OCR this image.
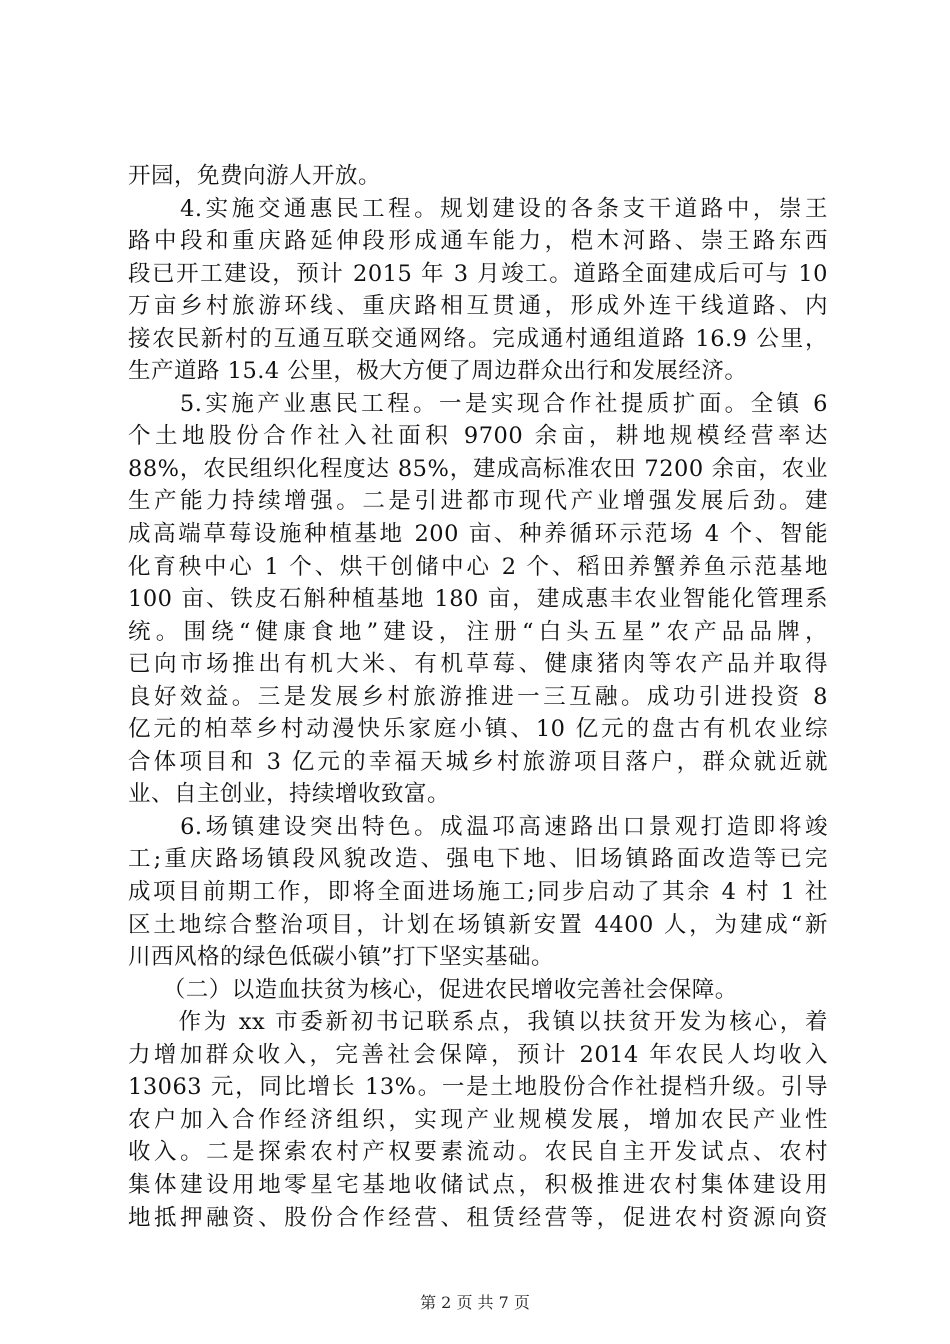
开园，免费向游人开放。
　　4.实施交通惠民工程。规划建设的各条支干道路中，崇王
路中段和重庆路延伸段形成通车能力，桤木河路、崇王路东西
段已开工建设，预计 2015 年 3 月竣工。道路全面建成后可与 10
万亩乡村旅游环线、重庆路相互贯通，形成外连干线道路、内
接农民新村的互通互联交通网络。完成通村通组道路 16.9 公里，
生产道路 15.4 公里，极大方便了周边群众出行和发展经济。
　　5.实施产业惠民工程。一是实现合作社提质扩面。全镇 6
个土地股份合作社入社面积 9700 余亩，耕地规模经营率达
88%，农民组织化程度达 85%，建成高标准农田 7200 余亩，农业
生产能力持续增强。二是引进都市现代产业增强发展后劲。建
成高端草莓设施种植基地 200 亩、种养循环示范场 4 个、智能
化育秧中心 1 个、烘干创储中心 2 个、稻田养蟹养鱼示范基地
100 亩、铁皮石斛种植基地 180 亩，建成惠丰农业智能化管理系
统。围绕“健康食地”建设，注册“白头五星”农产品品牌，
已向市场推出有机大米、有机草莓、健康猪肉等农产品并取得
良好效益。三是发展乡村旅游推进一三互融。成功引进投资 8
亿元的柏萃乡村动漫快乐家庭小镇、10 亿元的盘古有机农业综
合体项目和 3 亿元的幸福天城乡村旅游项目落户，群众就近就
业、自主创业，持续增收致富。
　　6.场镇建设突出特色。成温邛高速路出口景观打造即将竣
工;重庆路场镇段风貌改造、强电下地、旧场镇路面改造等已完
成项目前期工作，即将全面进场施工;同步启动了其余 4 村 1 社
区土地综合整治项目，计划在场镇新安置 4400 人，为建成“新
川西风格的绿色低碳小镇”打下坚实基础。
　　（二）以造血扶贫为核心，促进农民增收完善社会保障。
　　作为 xx 市委新初书记联系点，我镇以扶贫开发为核心，着
力增加群众收入，完善社会保障，预计 2014 年农民人均收入
13063 元，同比增长 13%。一是土地股份合作社提档升级。引导
农户加入合作经济组织，实现产业规模发展，增加农民产业性
收入。二是探索农村产权要素流动。农民自主开发试点、农村
集体建设用地零星宅基地收储试点，积极推进农村集体建设用
地抵押融资、股份合作经营、租赁经营等，促进农村资源向资
第 2 页 共 7 页
